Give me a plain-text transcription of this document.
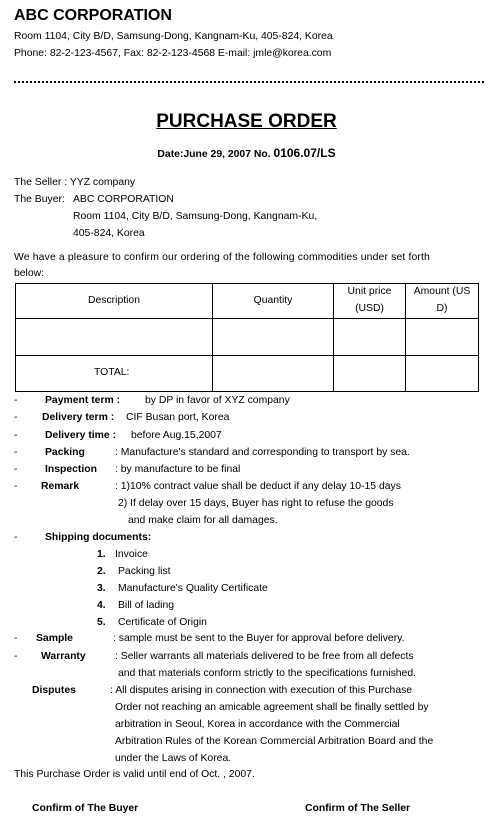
ABC CORPORATION
Room 1104, City B/D, Samsung-Dong, Kangnam-Ku, 405-824, Korea
Phone: 82-2-123-4567, Fax: 82-2-123-4568 E-mail: jmle@korea.com
PURCHASE ORDER
Date:June 29, 2007 No. 0106.07/LS
The Seller : YYZ company
The Buyer: ABC CORPORATION
Room 1104, City B/D, Samsung-Dong, Kangnam-Ku,
405-824, Korea
We have a pleasure to confirm our ordering of the following commodities under set forth
below:
Description	Quantity	Unit price (USD)	Amount (US D)

TOTAL:			
-	Payment term : by DP in favor of XYZ company
- Delivery term : CIF Busan port, Korea
-	Delivery time : before Aug.15,2007
-	Packing	: Manufacture's standard and corresponding to transport by sea.
-	Inspection : by manufacture to be final
- Remark	: 1)10% contract value shall be deduct if any delay 10-15 days
2) If delay over 15 days, Buyer has right to refuse the goods
and make claim for all damages.
-	Shipping documents:
1. Invoice
2. Packing list
3. Manufacture's Quality Certificate
4. Bill of lading
5. Certificate of Origin
- Sample	: sample must be sent to the Buyer for approval before delivery.
- Warranty	: Seller warrants all materials delivered to be free from all defects
and that materials conform strictly to the specifications furnished.
Disputes	: All disputes arising in connection with execution of this Purchase
Order not reaching an amicable agreement shall be finally settled by
arbitration in Seoul, Korea in accordance with the Commercial
Arbitration Rules of the Korean Commercial Arbitration Board and the
under the Laws of Korea.
This Purchase Order is valid until end of Oct. , 2007.
Confirm of The Buyer	Confirm of The Seller
